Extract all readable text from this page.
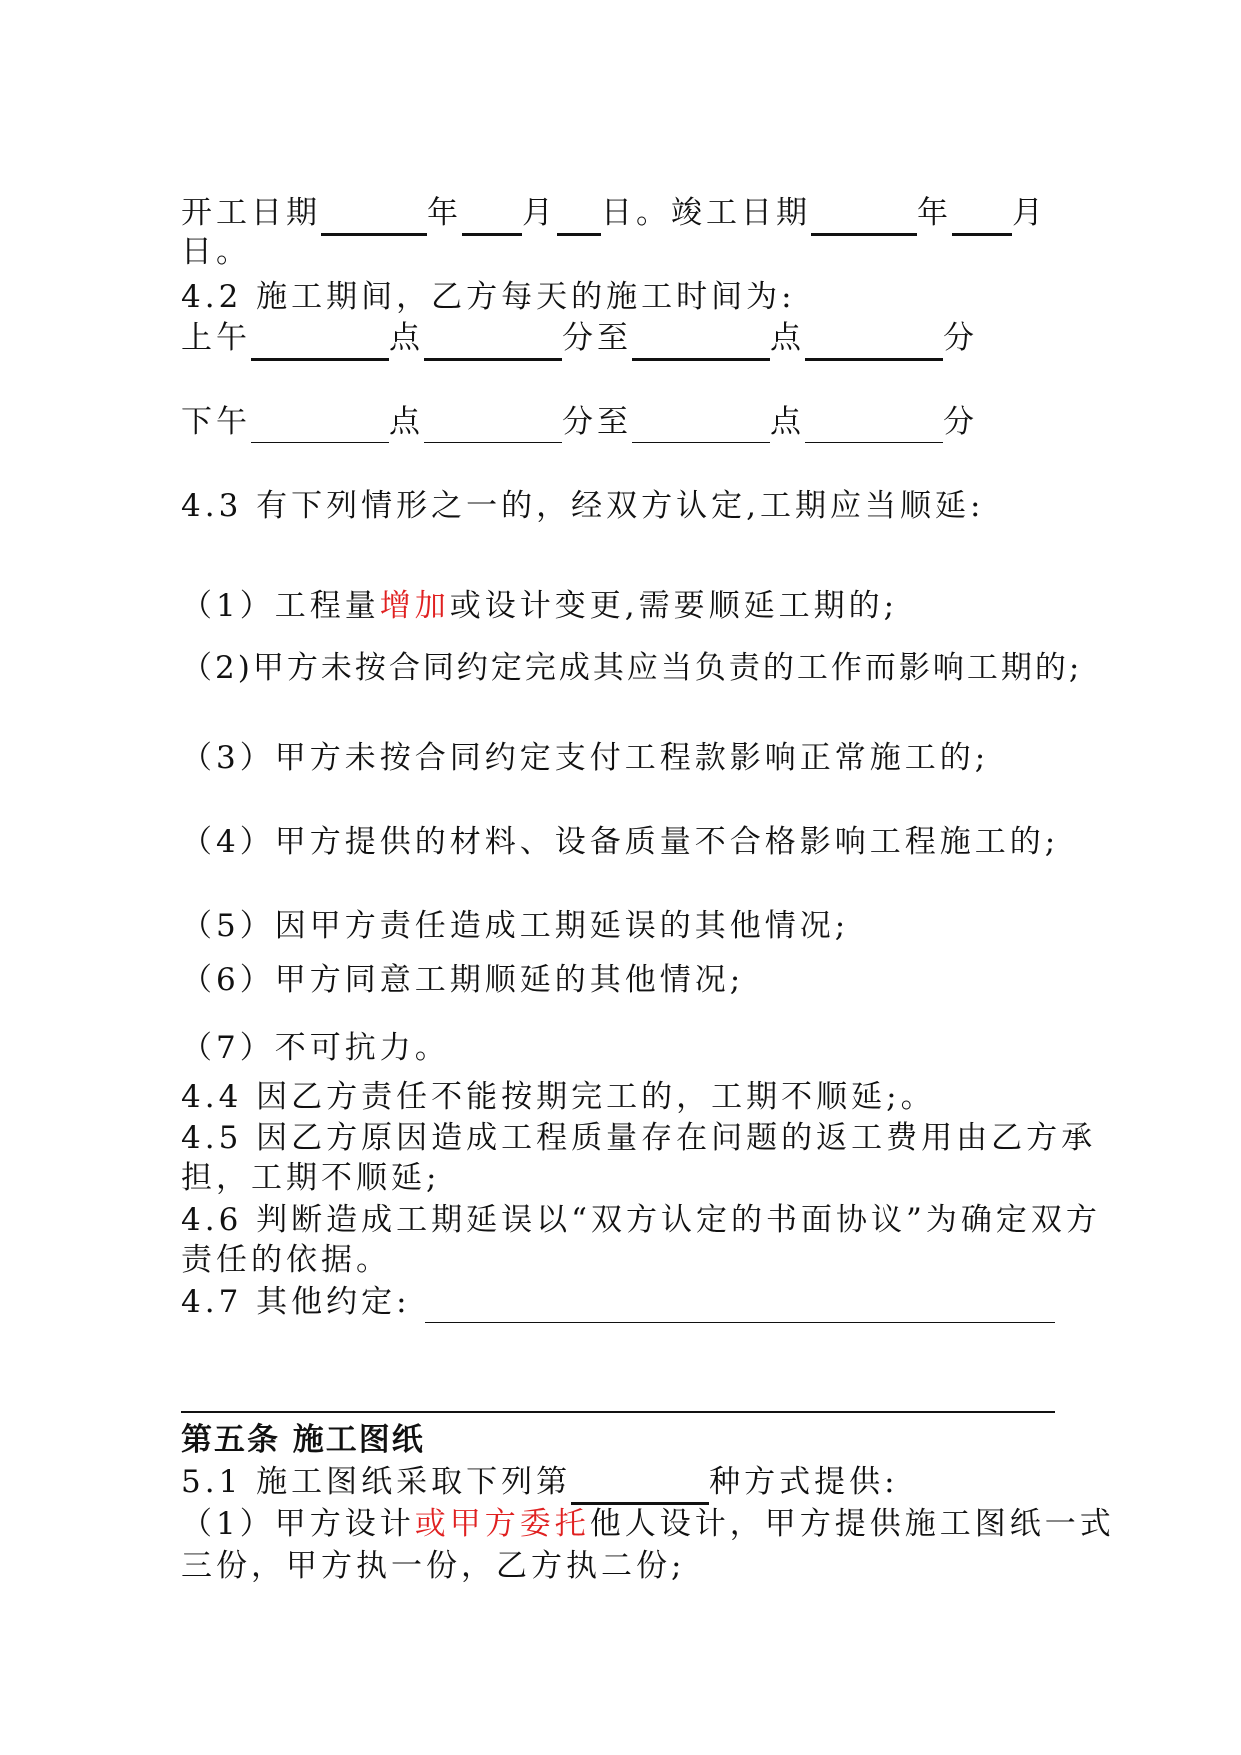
开工日期	年 月 日。竣工日期	年 月
日。
4.2 施工期间，乙方每天的施工时间为:
上午	点	分至	点	分
下午	点	分至	点	分
4.3 有下列情形之一的，经双方认定,工期应当顺延:
（1）工程量增加或设计变更,需要顺延工期的;
（2)甲方未按合同约定完成其应当负责的工作而影响工期的;
（3）甲方未按合同约定支付工程款影响正常施工的;
（4）甲方提供的材料、设备质量不合格影响工程施工的;
（5）因甲方责任造成工期延误的其他情况;
（6）甲方同意工期顺延的其他情况;
（7）不可抗力。
4.4 因乙方责任不能按期完工的，工期不顺延;。
4.5 因乙方原因造成工程质量存在问题的返工费用由乙方承
担，工期不顺延;
4.6 判断造成工期延误以“双方认定的书面协议”为确定双方
责任的依据。
4.7 其他约定:
第五条 施工图纸
5.1 施工图纸采取下列第	种方式提供:
（1）甲方设计或甲方委托他人设计，甲方提供施工图纸一式
三份，甲方执一份，乙方执二份;
